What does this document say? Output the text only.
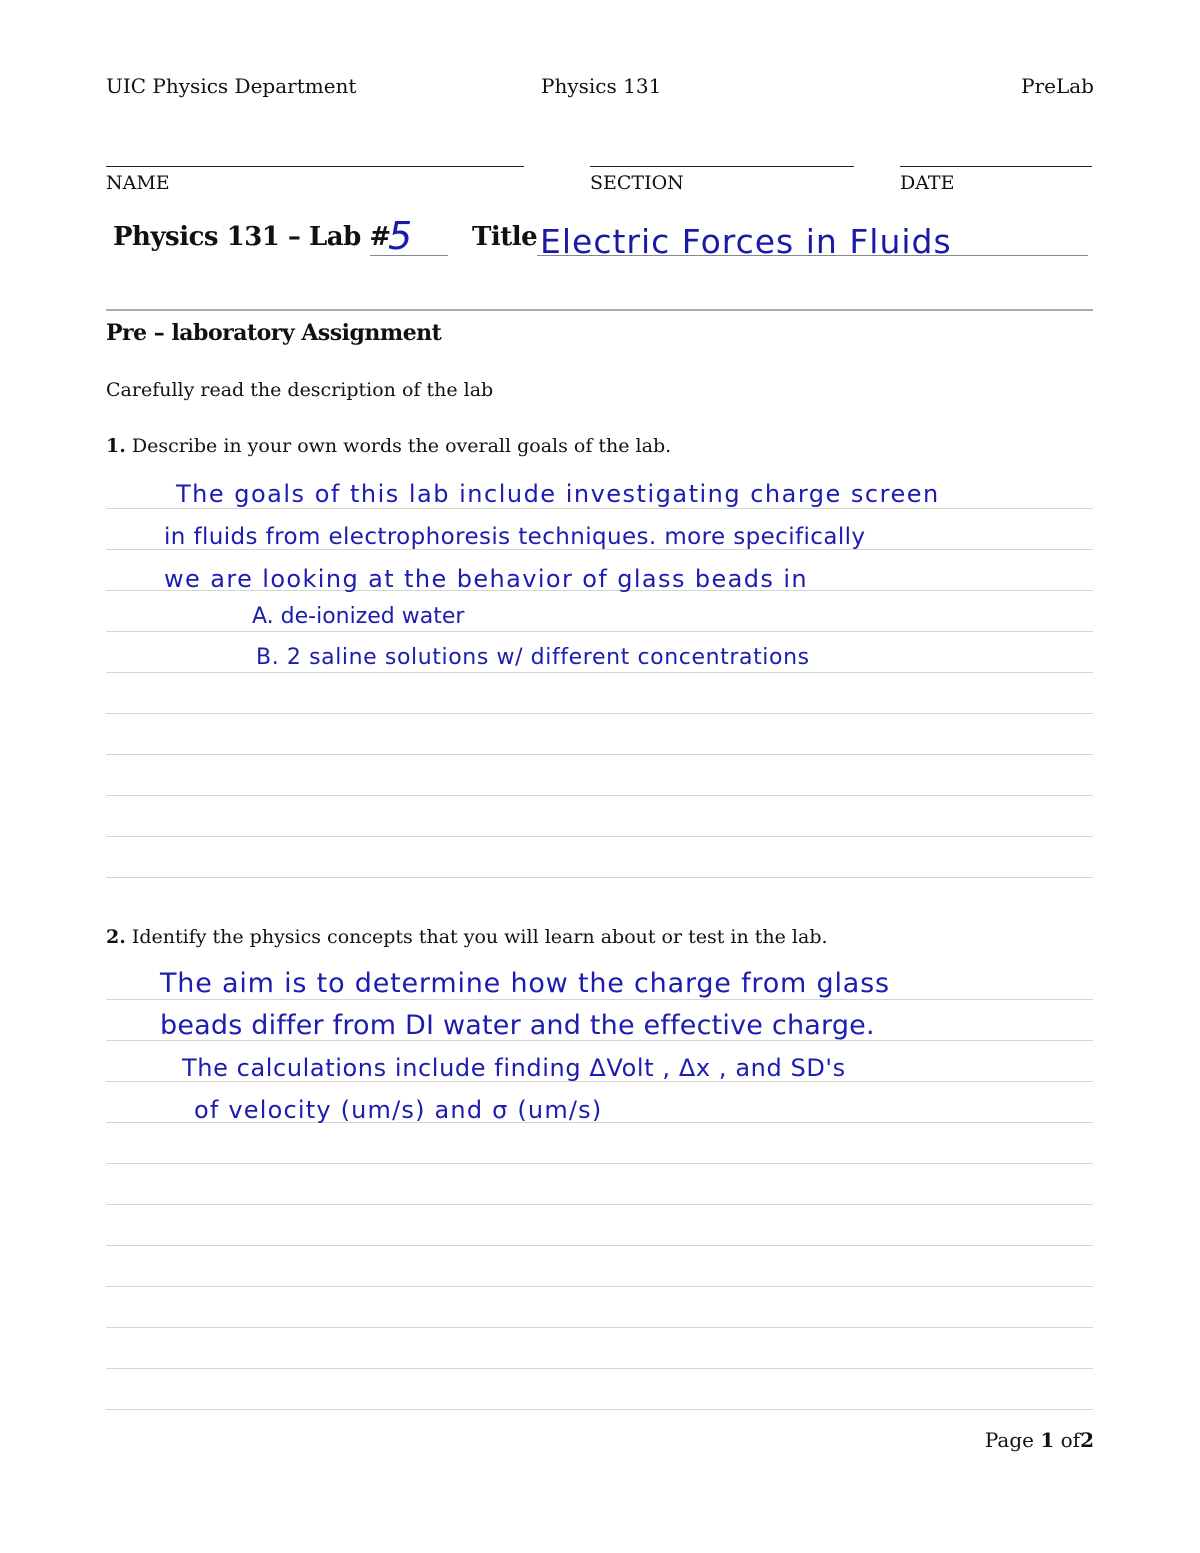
UIC Physics Department	Physics 131	PreLab
NAME	SECTION	DATE
Physics 131 – Lab #
5 Title Electric Forces in Fluids
Pre – laboratory Assignment
Carefully read the description of the lab
1. Describe in your own words the overall goals of the lab.
The goals of this lab include investigating charge screen
in fluids from electrophoresis techniques. more specifically
we are looking at the behavior of glass beads in
A. de-ionized water
B. 2 saline solutions w/ different concentrations
2. Identify the physics concepts that you will learn about or test in the lab.
The aim is to determine how the charge from glass
beads differ from DI water and the effective charge.
The calculations include finding ΔVolt , Δx , and SD's
of velocity (um/s) and σ (um/s)
Page 1 of2
